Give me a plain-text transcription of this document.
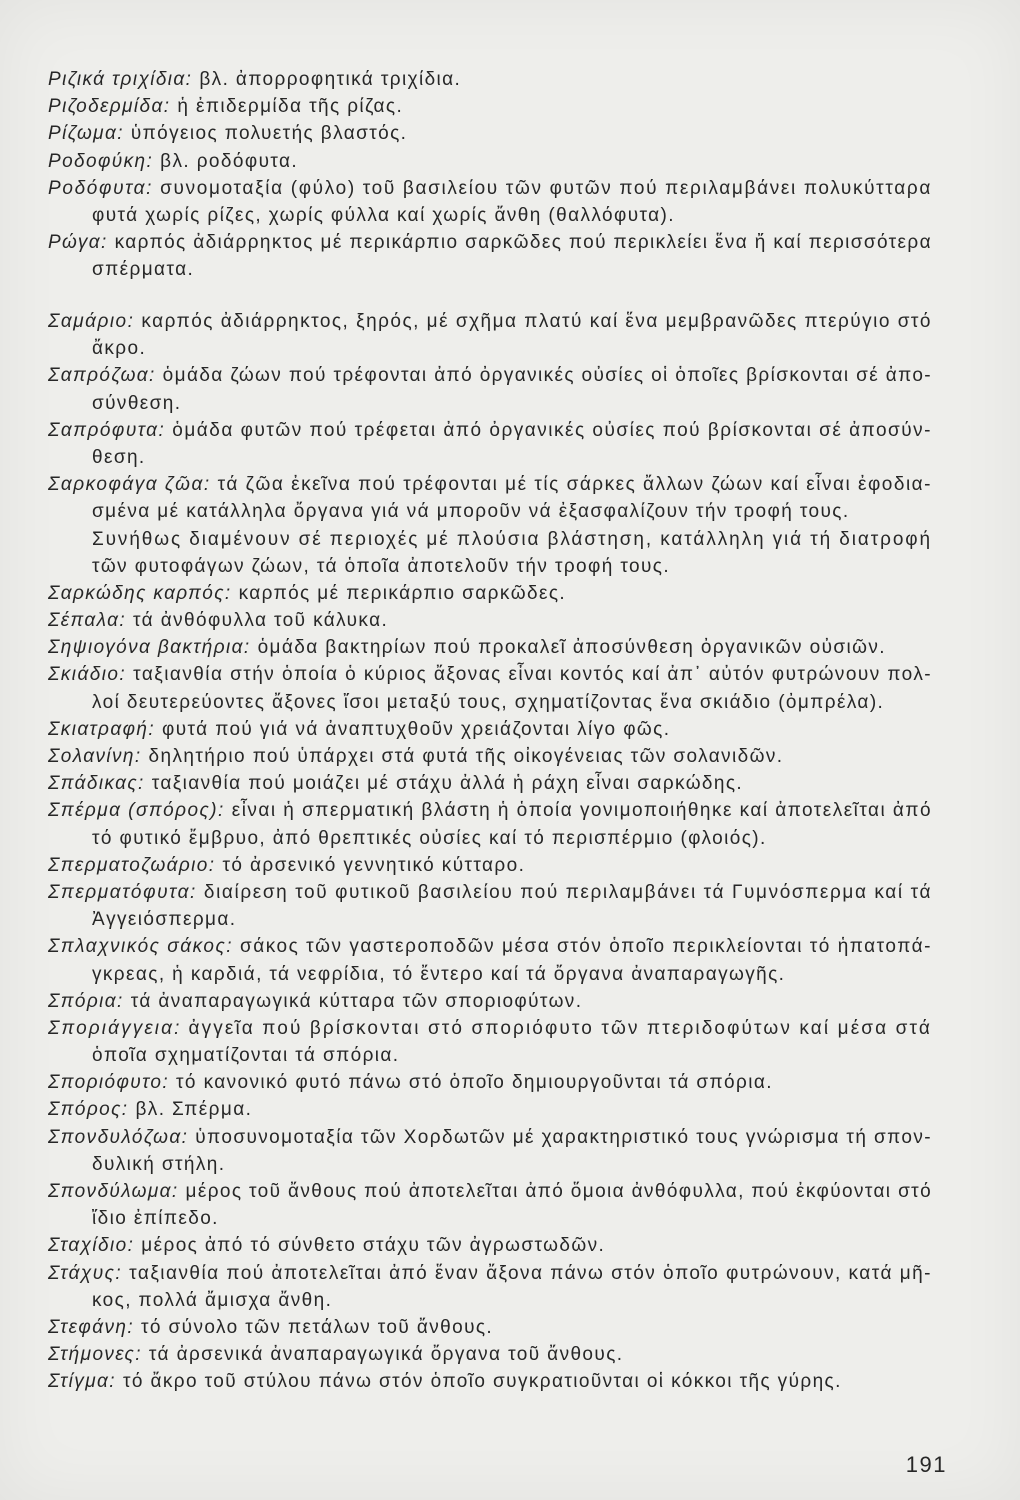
Ριζικά τριχίδια: βλ. ἀπορροφητικά τριχίδια.
Ριζοδερμίδα: ἡ ἐπιδερμίδα τῆς ρίζας.
Ρίζωμα: ὑπόγειος πολυετής βλαστός.
Ροδοφύκη: βλ. ροδόφυτα.
Ροδόφυτα: συνομοταξία (φύλο) τοῦ βασιλείου τῶν φυτῶν πού περιλαμβάνει πολυκύτταρα
φυτά χωρίς ρίζες, χωρίς φύλλα καί χωρίς ἄνθη (θαλλόφυτα).
Ρώγα: καρπός ἀδιάρρηκτος μέ περικάρπιο σαρκῶδες πού περικλείει ἕνα ἤ καί περισσότερα
σπέρματα.
Σαμάριο: καρπός ἀδιάρρηκτος, ξηρός, μέ σχῆμα πλατύ καί ἕνα μεμβρανῶδες πτερύγιο στό
ἄκρο.
Σαπρόζωα: ὁμάδα ζώων πού τρέφονται ἀπό ὀργανικές οὐσίες οἱ ὁποῖες βρίσκονται σέ ἀπο-
σύνθεση.
Σαπρόφυτα: ὁμάδα φυτῶν πού τρέφεται ἀπό ὀργανικές οὐσίες πού βρίσκονται σέ ἀποσύν-
θεση.
Σαρκοφάγα ζῶα: τά ζῶα ἐκεῖνα πού τρέφονται μέ τίς σάρκες ἄλλων ζώων καί εἶναι ἐφοδια-
σμένα μέ κατάλληλα ὄργανα γιά νά μποροῦν νά ἐξασφαλίζουν τήν τροφή τους.
Συνήθως διαμένουν σέ περιοχές μέ πλούσια βλάστηση, κατάλληλη γιά τή διατροφή
τῶν φυτοφάγων ζώων, τά ὁποῖα ἀποτελοῦν τήν τροφή τους.
Σαρκώδης καρπός: καρπός μέ περικάρπιο σαρκῶδες.
Σέπαλα: τά ἀνθόφυλλα τοῦ κάλυκα.
Σηψιογόνα βακτήρια: ὁμάδα βακτηρίων πού προκαλεῖ ἀποσύνθεση ὀργανικῶν οὐσιῶν.
Σκιάδιο: ταξιανθία στήν ὁποία ὁ κύριος ἄξονας εἶναι κοντός καί ἀπ᾽ αὐτόν φυτρώνουν πολ-
λοί δευτερεύοντες ἄξονες ἴσοι μεταξύ τους, σχηματίζοντας ἕνα σκιάδιο (ὀμπρέλα).
Σκιατραφή: φυτά πού γιά νά ἀναπτυχθοῦν χρειάζονται λίγο φῶς.
Σολανίνη: δηλητήριο πού ὑπάρχει στά φυτά τῆς οἰκογένειας τῶν σολανιδῶν.
Σπάδικας: ταξιανθία πού μοιάζει μέ στάχυ ἀλλά ἡ ράχη εἶναι σαρκώδης.
Σπέρμα (σπόρος): εἶναι ἡ σπερματική βλάστη ἡ ὁποία γονιμοποιήθηκε καί ἀποτελεῖται ἀπό
τό φυτικό ἔμβρυο, ἀπό θρεπτικές οὐσίες καί τό περισπέρμιο (φλοιός).
Σπερματοζωάριο: τό ἀρσενικό γεννητικό κύτταρο.
Σπερματόφυτα: διαίρεση τοῦ φυτικοῦ βασιλείου πού περιλαμβάνει τά Γυμνόσπερμα καί τά
Ἀγγειόσπερμα.
Σπλαχνικός σάκος: σάκος τῶν γαστεροποδῶν μέσα στόν ὁποῖο περικλείονται τό ἡπατοπά-
γκρεας, ἡ καρδιά, τά νεφρίδια, τό ἔντερο καί τά ὄργανα ἀναπαραγωγῆς.
Σπόρια: τά ἀναπαραγωγικά κύτταρα τῶν σποριοφύτων.
Σποριάγγεια: ἀγγεῖα πού βρίσκονται στό σποριόφυτο τῶν πτεριδοφύτων καί μέσα στά
ὁποῖα σχηματίζονται τά σπόρια.
Σποριόφυτο: τό κανονικό φυτό πάνω στό ὁποῖο δημιουργοῦνται τά σπόρια.
Σπόρος: βλ. Σπέρμα.
Σπονδυλόζωα: ὑποσυνομοταξία τῶν Χορδωτῶν μέ χαρακτηριστικό τους γνώρισμα τή σπον-
δυλική στήλη.
Σπονδύλωμα: μέρος τοῦ ἄνθους πού ἀποτελεῖται ἀπό ὅμοια ἀνθόφυλλα, πού ἐκφύονται στό
ἴδιο ἐπίπεδο.
Σταχίδιο: μέρος ἀπό τό σύνθετο στάχυ τῶν ἀγρωστωδῶν.
Στάχυς: ταξιανθία πού ἀποτελεῖται ἀπό ἕναν ἄξονα πάνω στόν ὁποῖο φυτρώνουν, κατά μῆ-
κος, πολλά ἄμισχα ἄνθη.
Στεφάνη: τό σύνολο τῶν πετάλων τοῦ ἄνθους.
Στήμονες: τά ἀρσενικά ἀναπαραγωγικά ὄργανα τοῦ ἄνθους.
Στίγμα: τό ἄκρο τοῦ στύλου πάνω στόν ὁποῖο συγκρατιοῦνται οἱ κόκκοι τῆς γύρης.
191
